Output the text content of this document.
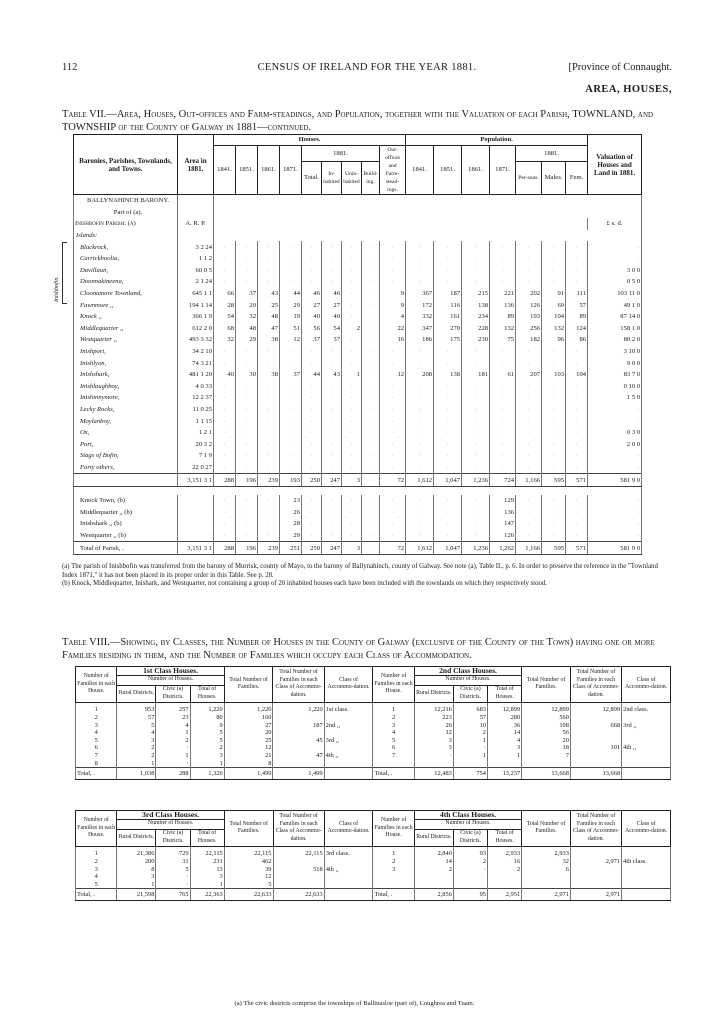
112	CENSUS OF IRELAND FOR THE YEAR 1881.	[Province of Connaught.
AREA, HOUSES,
Table VII.—Area, Houses, Out-offices and Farm-steadings, and Population, together with the Valuation of each Parish, TOWNLAND, and TOWNSHIP of the County of Galway in 1881—continued.
Baronies, Parishes, Townlands, and Towns.	Area in 1881.	Houses.									Population.							Valuation of Houses and Land in 1881.
		1841.	1851.	1861.	1871.	1881.				Out-offices and Farm-stead-ings.	1841.	1851.	1861.	1871.	1881.			
						Total.	In-habited	Unin-habited	Build-ing.						Per-sons.	Males.	Fem.	
BALLYNAHINCH BARONY.																		
Part of (a).																		
Inishbofin Parish: (a)	A. R. P.																	£ s. d.
Islands:																		
Blackrock,	3 2 24	·	·	·	·	·	·	·	·	·	·	·	·	·	·	·	·	·
Carrickhoolia,	1 1 2	·	·	·	·	·	·	·	·	·	·	·	·	·	·	·	·	·
Davillaun,	60 0 5	·	·	·	·	·	·	·	·	·	·	·	·	·	·	·	·	3 0 0
Doonnakineena,	2 1 24	·	·	·	·	·	·	·	·	·	·	·	·	·	·	·	·	0 5 0
Cloonamore Townland,	645 1 1	66	37	43	44	46	46	·	·	9	367	187	215	221	202	91	111	103 11 0
Fawnmore ,,	194 1 14	28	20	25	29	27	27	·	·	9	172	116	138	136	126	69	57	49 1 0
Knock ,,	366 1 9	54	32	48	19	40	40	·	·	4	332	161	234	89	193	104	89	87 14 0
Middlequarter ,,	612 2 0	68	48	47	51	56	54	2	·	22	347	270	228	132	256	132	124	158 1 0
Westquarter ,,	493 3 32	32	29	38	12	37	37	·	·	16	186	175	230	75	182	96	86	80 2 0
Inishport,	34 2 10	·	·	·	·	·	·	·	·	·	·	·	·	·	·	·	·	3 10 0
Inishlyon,	74 3 21	·	·	·	·	·	·	·	·	·	·	·	·	·	·	·	·	9 0 0
Inishshark,	481 1 20	40	30	38	37	44	43	1	·	12	208	138	181	61	207	103	104	83 7 0
Inishlaughboy,	4 0 33	·	·	·	·	·	·	·	·	·	·	·	·	·	·	·	·	0 10 0
Inishinnymore,	12 2 37	·	·	·	·	·	·	·	·	·	·	·	·	·	·	·	·	1 5 0
Lecky Rocks,	11 0 25	·	·	·	·	·	·	·	·	·	·	·	·	·	·	·	·	·
Moylanboy,	1 1 15	·	·	·	·	·	·	·	·	·	·	·	·	·	·	·	·	·
Ox,	1 2 1	·	·	·	·	·	·	·	·	·	·	·	·	·	·	·	·	0 3 0
Port,	20 3 2	·	·	·	·	·	·	·	·	·	·	·	·	·	·	·	·	2 0 0
Stags of Bofin,	7 1 9	·	·	·	·	·	·	·	·	·	·	·	·	·	·	·	·	·
Forty others,	22 0 27	·	·	·	·	·	·	·	·	·	·	·	·	·	·	·	·	·
	3,151 3 1	288	196	239	193	250	247	3	·	72	1,612	1,047	1,236	724	1,166	595	571	581 9 0

Knock Town, (b)	·	·	·	·	23	·	·	·	·	·	·	·	·	129	·	·	·	·
Middlequarter ,, (b)	·	·	·	·	26	·	·	·	·	·	·	·	·	136	·	·	·	·
Inishshark ,, (b)	·	·	·	·	28	·	·	·	·	·	·	·	·	147	·	·	·	·
Westquarter ,, (b)	·	·	·	·	29	·	·	·	·	·	·	·	·	126	·	·	·	·
Total of Parish, .	3,151 3 1	288	196	239	251	250	247	3	·	72	1,612	1,047	1,236	1,262	1,166	595	571	581 9 0
(a) The parish of Inishbofin was transferred from the barony of Murrisk, county of Mayo, to the barony of Ballynahinch, county of Galway. See note (a), Table II., p. 6. In order to preserve the reference in the "Townland Index 1871," it has not been placed in its proper order in this Table. See p. 28.
(b) Knock, Middlequarter, Inishark, and Westquarter, not containing a group of 20 inhabited houses each have been included with the townlands on which they respectively stood.
Table VIII.—Showing, by Classes, the Number of Houses in the County of Galway (exclusive of the County of the Town) having one or more Families residing in them, and the Number of Families which occupy each Class of Accommodation.
Number of Families in each House.	1st Class Houses.			Total Number of Families.	Total Number of Families in each Class of Accommo-dation.	Class of Accommo-dation.	Number of Families in each House.	2nd Class Houses.			Total Number of Families.	Total Number of Families in each Class of Accommo-dation.	Class of Accommo-dation.
	Number of Houses.							Number of Houses.					
	Rural Districts.	Civic (a) Districts.	Total of Houses.					Rural Districts.	Civic (a) Districts.	Total of Houses.			
1	953	257	1,220	1,220	1,220	1st class.	1	12,216	683	12,899	12,899	12,899	2nd class.
2	57	23	80	160			2	223	57	280	560		
3	5	4	9	27	187	2nd ,,	3	26	10	36	108	668	3rd ,,
4	4	1	5	20			4	12	2	14	56		
5	3	2	5	25	45	3rd ,,	5	3	1	4	20		
6	2	·	2	12			6	3	·	3	18	101	4th ,,
7	2	1	3	21	47	4th ,,	7	·	1	1	7		
8	1	·	1	8									
Total, .	1,038	288	1,326	1,499	1,499		Total, .	12,483	754	13,237	13,668	13,668	
Number of Families in each House.	3rd Class Houses.			Total Number of Families.	Total Number of Families in each Class of Accommo-dation.	Class of Accommo-dation.	Number of Families in each House.	4th Class Houses.			Total Number of Families.	Total Number of Families in each Class of Accommo-dation.	Class of Accommo-dation.
	Number of Houses.							Number of Houses.					
	Rural Districts.	Civic (a) Districts.	Total of Houses.					Rural Districts.	Civic (a) Districts.	Total of Houses.			
1	21,386	729	22,115	22,115	22,115	3rd class.	1	2,840	93	2,933	2,933		
2	200	31	231	462			2	14	2	16	32	2,971	4th class.
3	8	5	13	39	518	4th ,,	3	2	·	2	6		
4	3	·	3	12									
5	1	·	1	5									
Total, .	21,598	765	22,363	22,633	22,633		Total, .	2,856	95	2,951	2,971	2,971	
(a) The civic districts comprise the townships of Ballinasloe (part of), Loughrea and Tuam.
Inishbofin.
